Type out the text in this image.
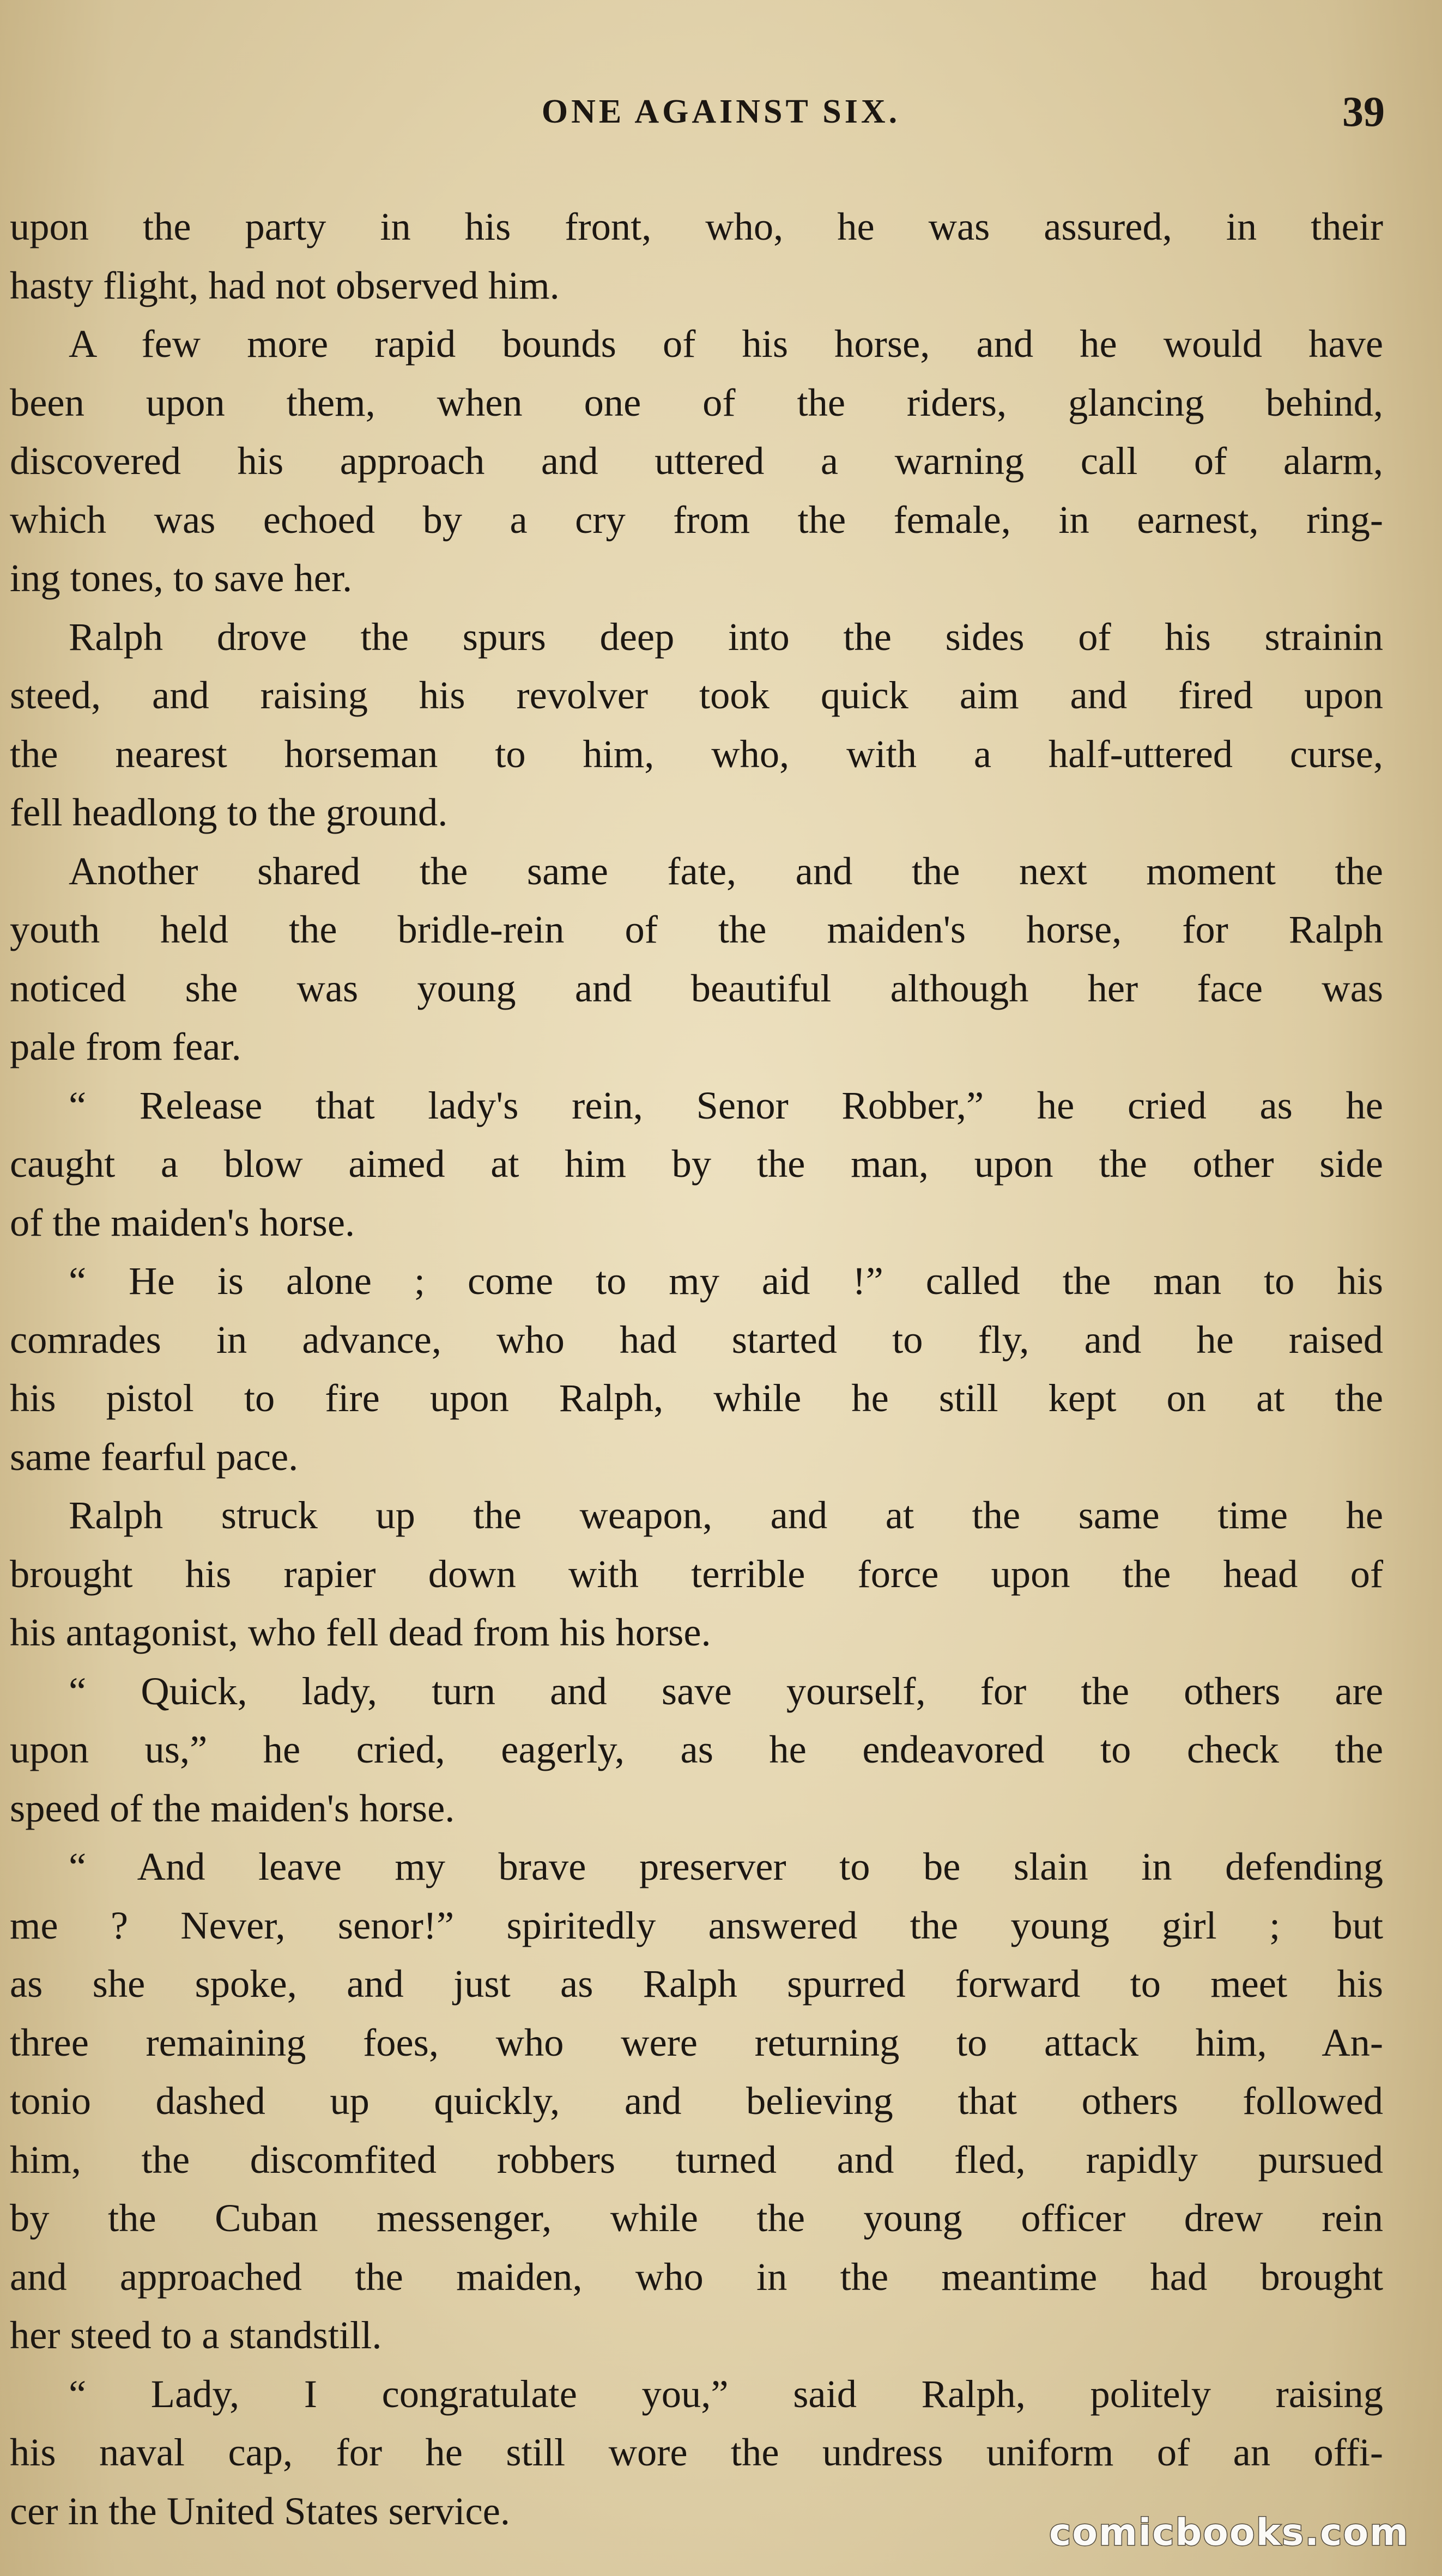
ONE AGAINST SIX.	39
upon the party in his front, who, he was assured, in their
hasty flight, had not observed him.
A few more rapid bounds of his horse, and he would have
been upon them, when one of the riders, glancing behind,
discovered his approach and uttered a warning call of alarm,
which was echoed by a cry from the female, in earnest, ring-
ing tones, to save her.
Ralph drove the spurs deep into the sides of his strainin
steed, and raising his revolver took quick aim and fired upon
the nearest horseman to him, who, with a half-uttered curse,
fell headlong to the ground.
Another shared the same fate, and the next moment the
youth held the bridle-rein of the maiden's horse, for Ralph
noticed she was young and beautiful although her face was
pale from fear.
“ Release that lady's rein, Senor Robber,” he cried as he
caught a blow aimed at him by the man, upon the other side
of the maiden's horse.
“ He is alone ; come to my aid !” called the man to his
comrades in advance, who had started to fly, and he raised
his pistol to fire upon Ralph, while he still kept on at the
same fearful pace.
Ralph struck up the weapon, and at the same time he
brought his rapier down with terrible force upon the head of
his antagonist, who fell dead from his horse.
“ Quick, lady, turn and save yourself, for the others are
upon us,” he cried, eagerly, as he endeavored to check the
speed of the maiden's horse.
“ And leave my brave preserver to be slain in defending
me ? Never, senor!” spiritedly answered the young girl ; but
as she spoke, and just as Ralph spurred forward to meet his
three remaining foes, who were returning to attack him, An-
tonio dashed up quickly, and believing that others followed
him, the discomfited robbers turned and fled, rapidly pursued
by the Cuban messenger, while the young officer drew rein
and approached the maiden, who in the meantime had brought
her steed to a standstill.
“ Lady, I congratulate you,” said Ralph, politely raising
his naval cap, for he still wore the undress uniform of an offi-
cer in the United States service.	comicbooks.com
